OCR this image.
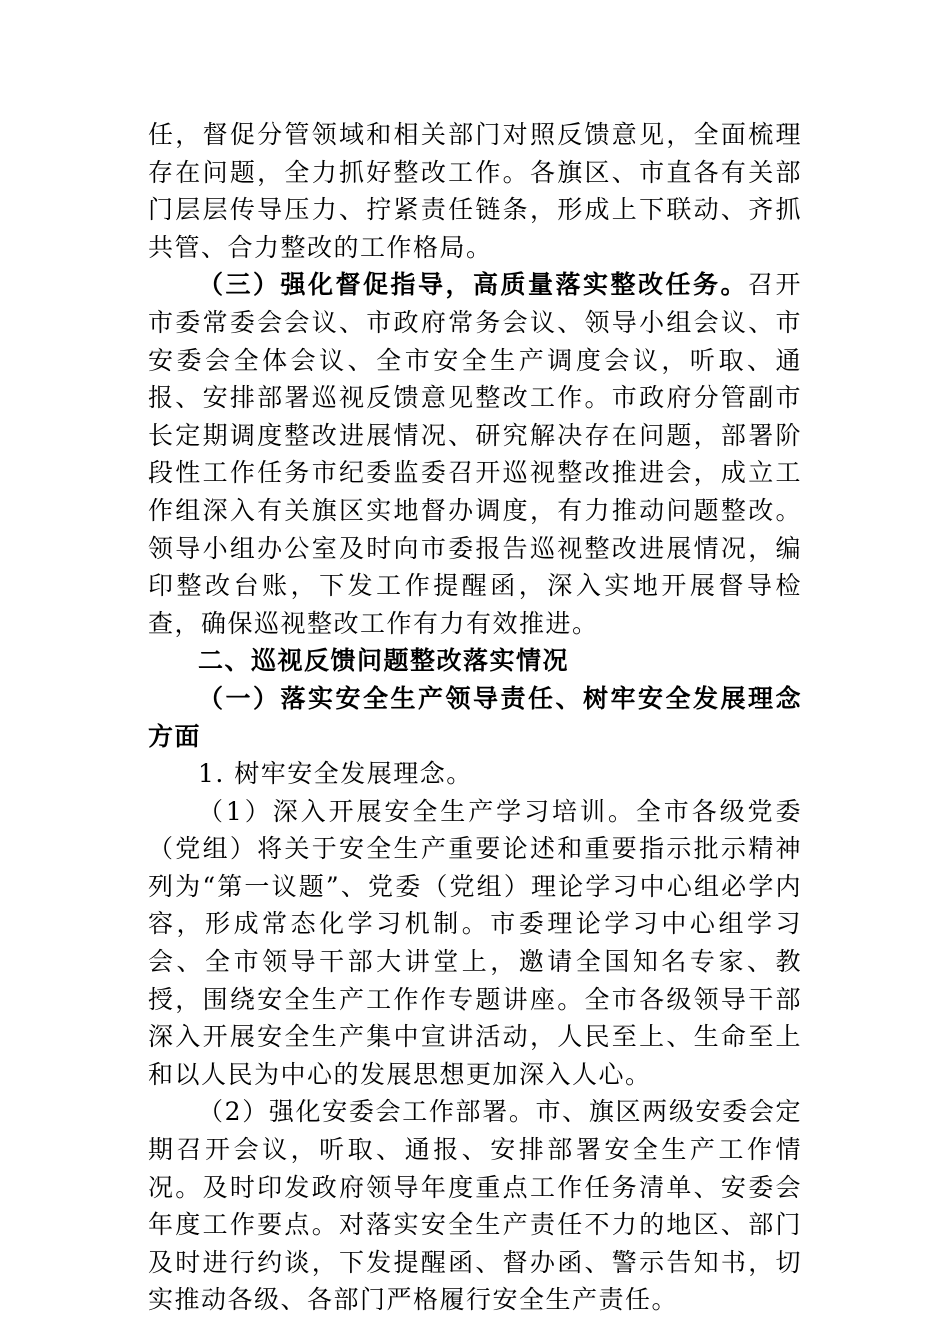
任，督促分管领域和相关部门对照反馈意见，全面梳理存在问题，全力抓好整改工作。各旗区、市直各有关部门层层传导压力、拧紧责任链条，形成上下联动、齐抓共管、合力整改的工作格局。

（三）强化督促指导，高质量落实整改任务。召开市委常委会会议、市政府常务会议、领导小组会议、市安委会全体会议、全市安全生产调度会议，听取、通报、安排部署巡视反馈意见整改工作。市政府分管副市长定期调度整改进展情况、研究解决存在问题，部署阶段性工作任务市纪委监委召开巡视整改推进会，成立工作组深入有关旗区实地督办调度，有力推动问题整改。领导小组办公室及时向市委报告巡视整改进展情况，编印整改台账，下发工作提醒函，深入实地开展督导检查，确保巡视整改工作有力有效推进。

二、巡视反馈问题整改落实情况

（一）落实安全生产领导责任、树牢安全发展理念方面

1. 树牢安全发展理念。

（1）深入开展安全生产学习培训。全市各级党委（党组）将关于安全生产重要论述和重要指示批示精神列为“第一议题”、党委（党组）理论学习中心组必学内容，形成常态化学习机制。市委理论学习中心组学习会、全市领导干部大讲堂上，邀请全国知名专家、教授，围绕安全生产工作作专题讲座。全市各级领导干部深入开展安全生产集中宣讲活动，人民至上、生命至上和以人民为中心的发展思想更加深入人心。

（2）强化安委会工作部署。市、旗区两级安委会定期召开会议，听取、通报、安排部署安全生产工作情况。及时印发政府领导年度重点工作任务清单、安委会年度工作要点。对落实安全生产责任不力的地区、部门及时进行约谈，下发提醒函、督办函、警示告知书，切实推动各级、各部门严格履行安全生产责任。
